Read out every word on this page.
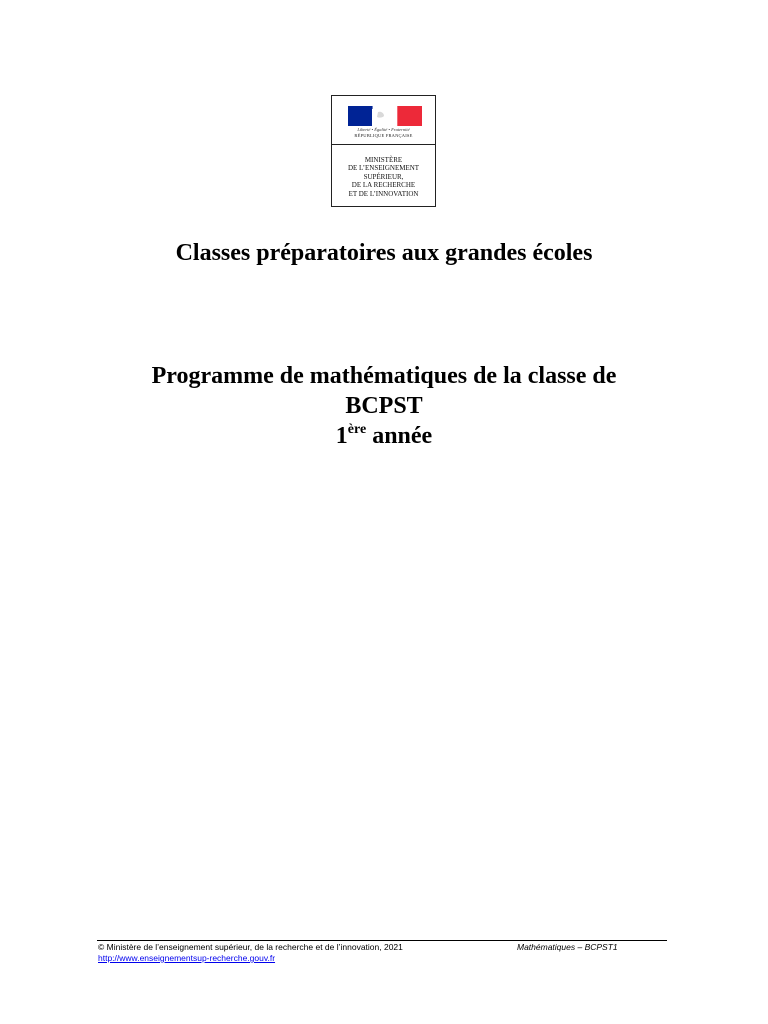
Liberté • Égalité • Fraternité
RÉPUBLIQUE FRANÇAISE
MINISTÈRE
DE L’ENSEIGNEMENT
SUPÉRIEUR,
DE LA RECHERCHE
ET DE L’INNOVATION
Classes préparatoires aux grandes écoles
Programme de mathématiques de la classe de
BCPST
1ère année
© Ministère de l’enseignement supérieur, de la recherche et de l’innovation, 2021
http://www.enseignementsup-recherche.gouv.fr
Mathématiques – BCPST1
